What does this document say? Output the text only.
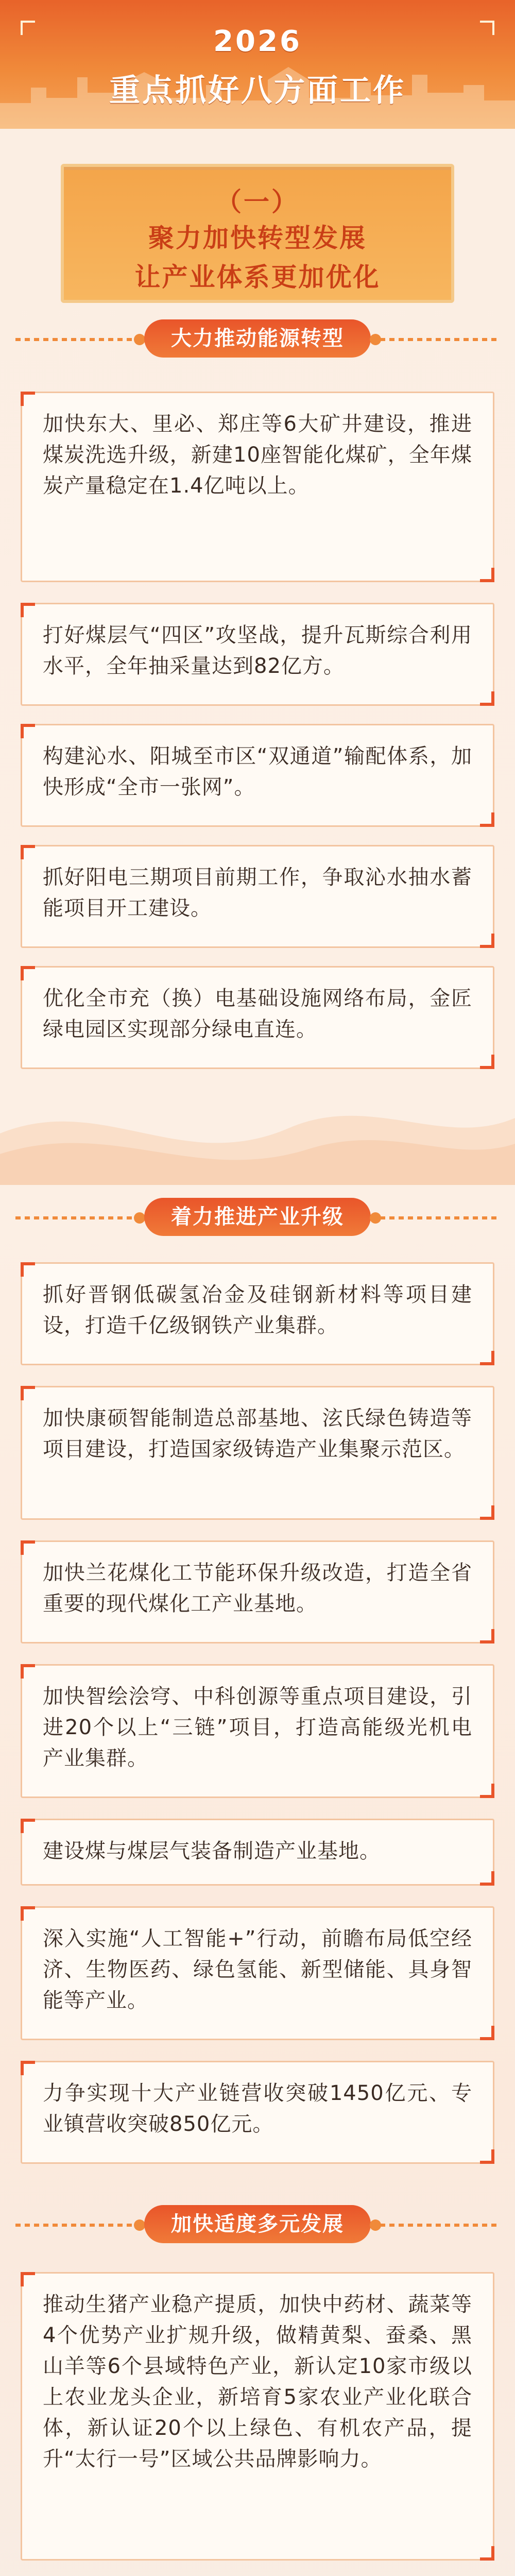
2026
重点抓好八方面工作
（一）
聚力加快转型发展
让产业体系更加优化
大力推动能源转型
加快东大、里必、郑庄等6大矿井建设，推进煤炭洗选升级，新建10座智能化煤矿，全年煤炭产量稳定在1.4亿吨以上。
打好煤层气“四区”攻坚战，提升瓦斯综合利用水平，全年抽采量达到82亿方。
构建沁水、阳城至市区“双通道”输配体系，加快形成“全市一张网”。
抓好阳电三期项目前期工作，争取沁水抽水蓄能项目开工建设。
优化全市充（换）电基础设施网络布局，金匠绿电园区实现部分绿电直连。
着力推进产业升级
抓好晋钢低碳氢冶金及硅钢新材料等项目建设，打造千亿级钢铁产业集群。
加快康硕智能制造总部基地、泫氏绿色铸造等项目建设，打造国家级铸造产业集聚示范区。
加快兰花煤化工节能环保升级改造，打造全省重要的现代煤化工产业基地。
加快智绘浍穹、中科创源等重点项目建设，引进20个以上“三链”项目，打造高能级光机电产业集群。
建设煤与煤层气装备制造产业基地。
深入实施“人工智能+”行动，前瞻布局低空经济、生物医药、绿色氢能、新型储能、具身智能等产业。
力争实现十大产业链营收突破1450亿元、专业镇营收突破850亿元。
加快适度多元发展
推动生猪产业稳产提质，加快中药材、蔬菜等4个优势产业扩规升级，做精黄梨、蚕桑、黑山羊等6个县域特色产业，新认定10家市级以上农业龙头企业，新培育5家农业产业化联合体，新认证20个以上绿色、有机农产品，提升“太行一号”区域公共品牌影响力。
